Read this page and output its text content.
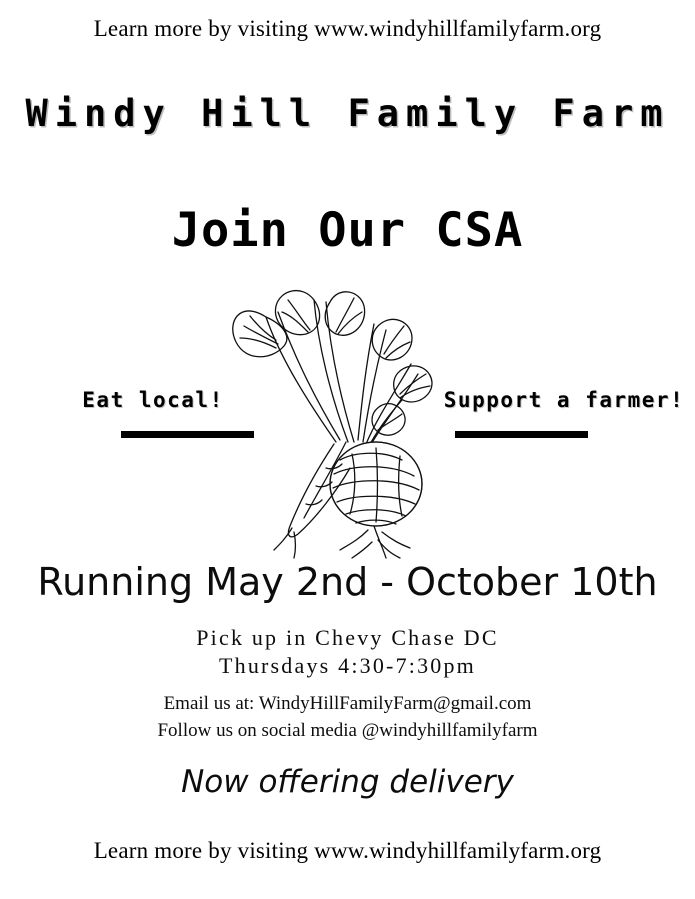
Learn more by visiting www.windyhillfamilyfarm.org
Windy Hill Family Farm
Join Our CSA
Eat local!	Support a farmer!
Running May 2nd - October 10th
Pick up in Chevy Chase DC
Thursdays 4:30-7:30pm
Email us at: WindyHillFamilyFarm@gmail.com
Follow us on social media @windyhillfamilyfarm
Now offering delivery
Learn more by visiting www.windyhillfamilyfarm.org
